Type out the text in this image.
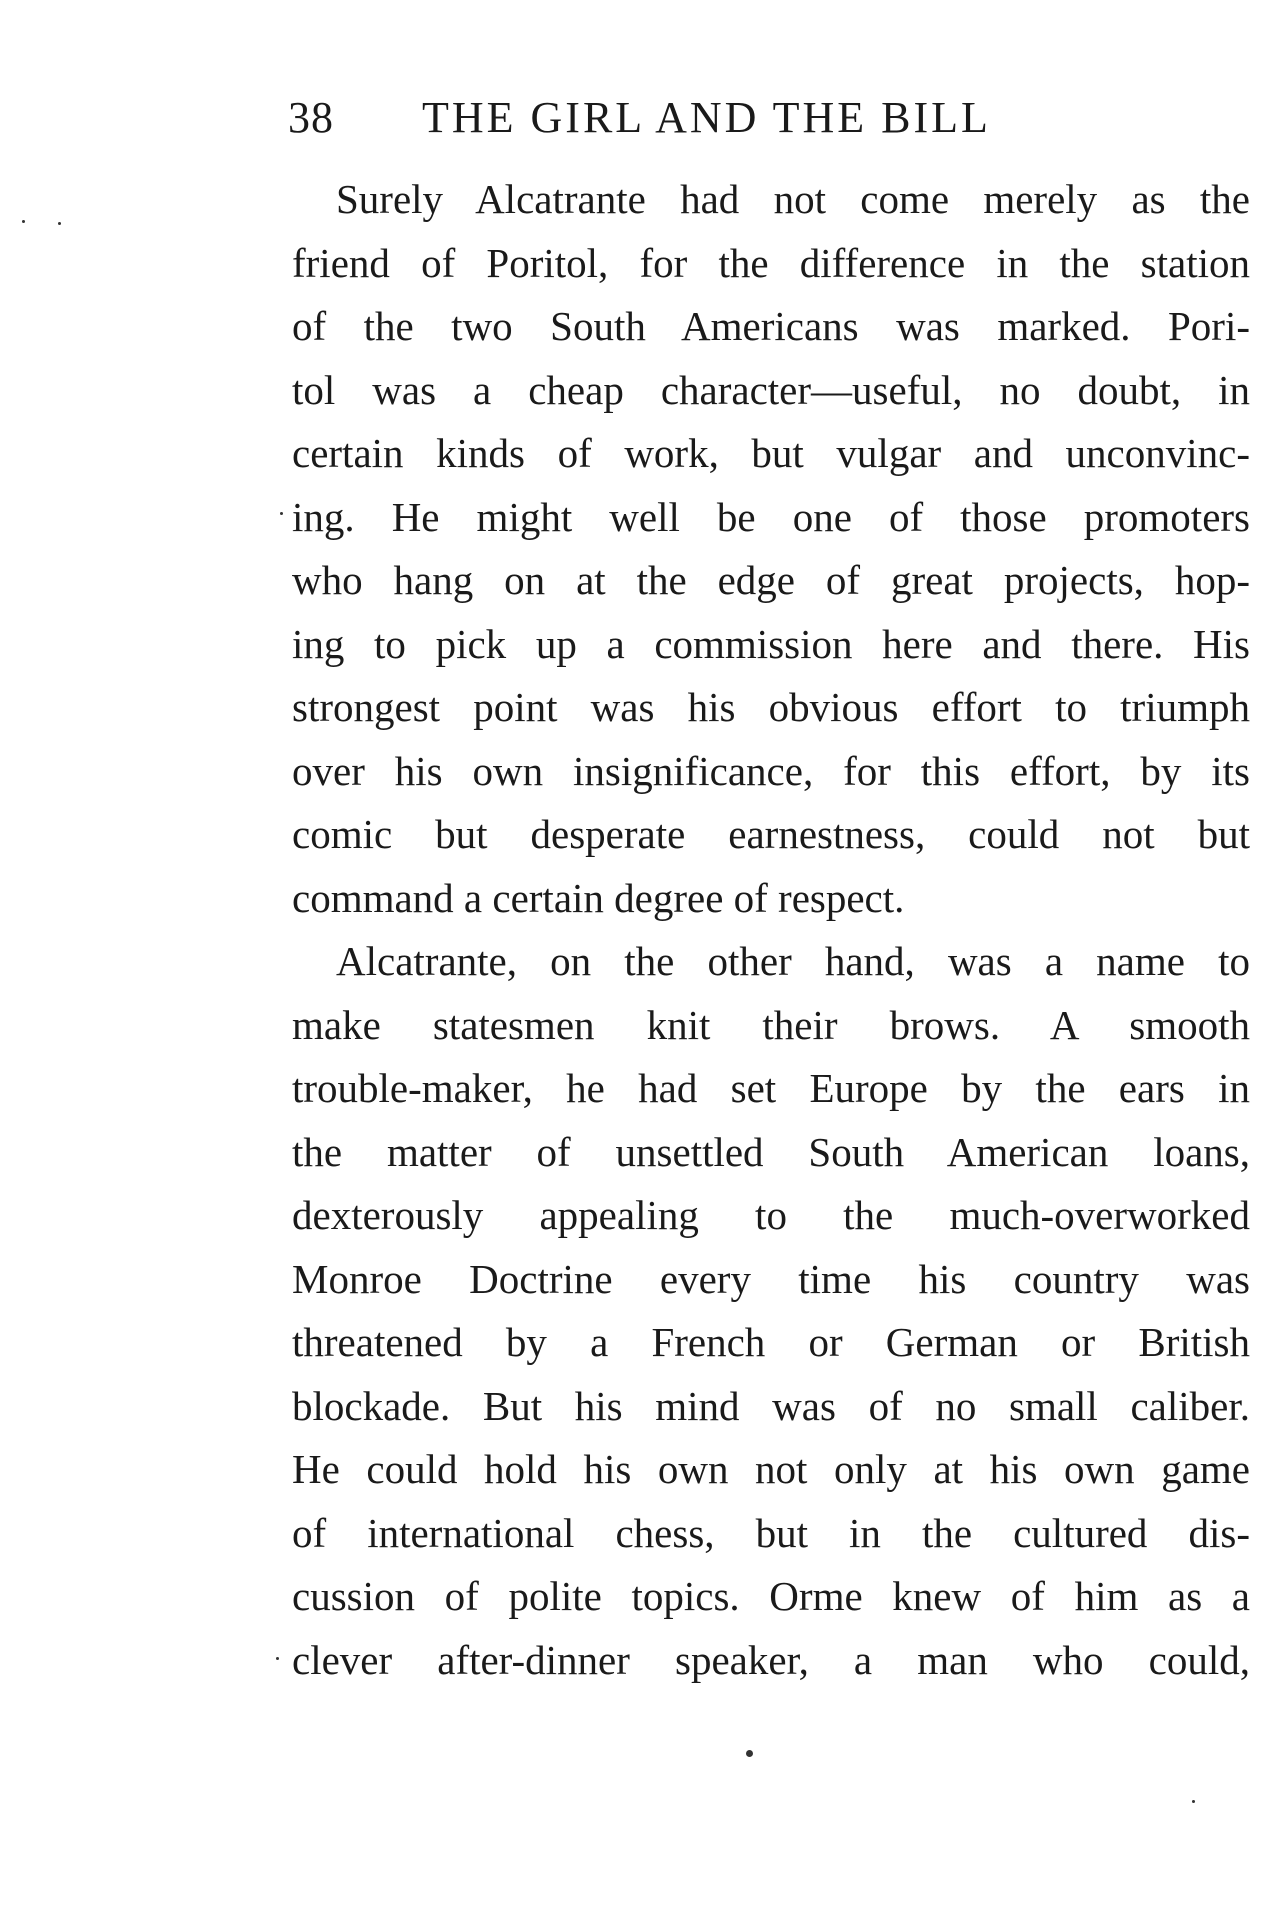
38 THE GIRL AND THE BILL
Surely Alcatrante had not come merely as the
friend of Poritol, for the difference in the station
of the two South Americans was marked. Pori-
tol was a cheap character—useful, no doubt, in
certain kinds of work, but vulgar and unconvinc-
ing. He might well be one of those promoters
who hang on at the edge of great projects, hop-
ing to pick up a commission here and there. His
strongest point was his obvious effort to triumph
over his own insignificance, for this effort, by its
comic but desperate earnestness, could not but
command a certain degree of respect.
Alcatrante, on the other hand, was a name to
make statesmen knit their brows. A smooth
trouble-maker, he had set Europe by the ears in
the matter of unsettled South American loans,
dexterously appealing to the much-overworked
Monroe Doctrine every time his country was
threatened by a French or German or British
blockade. But his mind was of no small caliber.
He could hold his own not only at his own game
of international chess, but in the cultured dis-
cussion of polite topics. Orme knew of him as a
clever after-dinner speaker, a man who could,
